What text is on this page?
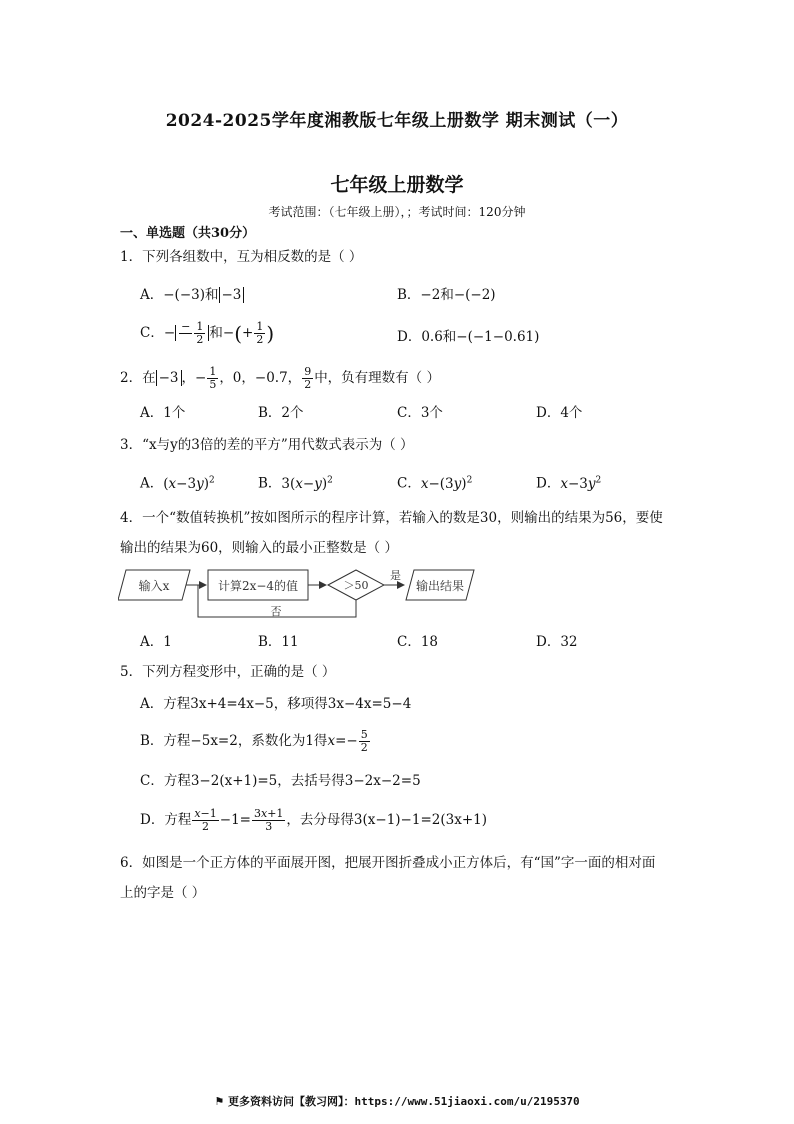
2024-2025学年度湘教版七年级上册数学 期末测试（一）
七年级上册数学
考试范围：（七年级上册），；考试时间：120分钟
一、单选题（共30分）
1．下列各组数中，互为相反数的是（ ）
A．−(−3)和 −3	B．−2和−(−2)
C．− −
$\frac{1}{2}$ 和−(+ $\frac{1}{2}$ )	D．0.6和−(−1−0.61)
2．在 −3 ，− $\frac{1}{5}$ ，0，−0.7， $\frac{9}{2}$ 中，负有理数有（ ）
A．1个	B．2个	C．3个	D．4个
3．“x与y的3倍的差的平方”用代数式表示为（ ）
A．$(x-3y)^2$	B．$3(x-y)^2$	C．$x-(3y)^2$	D．$x-3y^2$
4．一个“数值转换机”按如图所示的程序计算，若输入的数是30，则输出的结果为56，要使
输出的结果为60，则输入的最小正整数是（ ）
输入x	计算2x−4的值	＞50
是
输出结果
否
A．1	B．11	C．18	D．32
5．下列方程变形中，正确的是（ ）
A．方程3x+4=4x−5，移项得3x−4x=5−4
B．方程−5x=2，系数化为1得$x=- \frac{5}{2}$
C．方程3−2(x+1)=5，去括号得3−2x−2=5
D．方程 $\frac{x-1}{2} -1= \frac{3x+1}{3}$ ，去分母得3(x−1)−1=2(3x+1)
6．如图是一个正方体的平面展开图，把展开图折叠成小正方体后，有“国”字一面的相对面
上的字是（ ）
⚑ 更多资料访问【教习网】：https://www.51jiaoxi.com/u/2195370
